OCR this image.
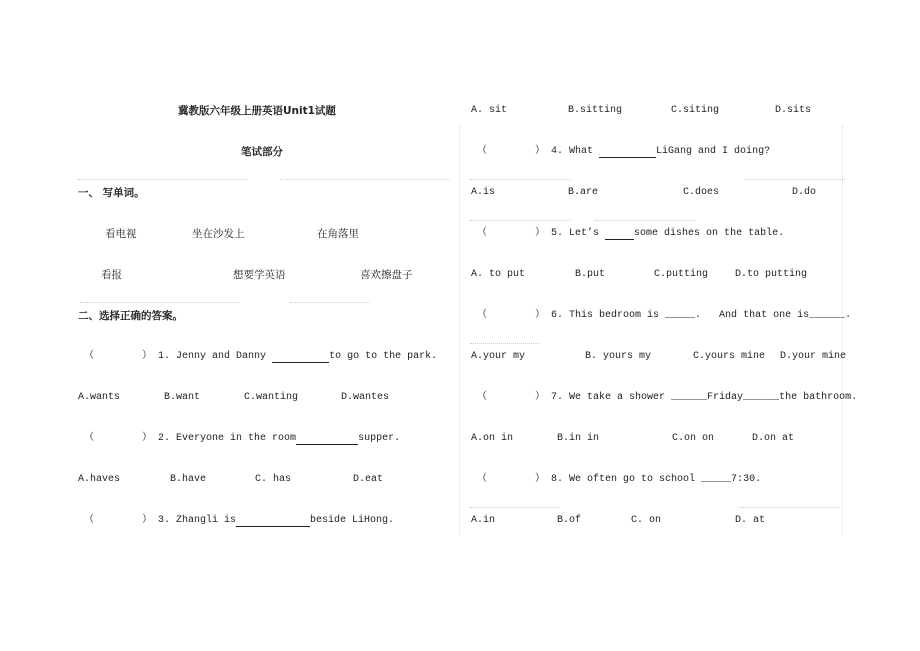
冀教版六年级上册英语Unit1试题
笔试部分
一、 写单词。
看电视	坐在沙发上	在角落里
看报	想要学英语	喜欢擦盘子
二、选择正确的答案。
（        ） 1. Jenny and Danny	to go to the park.
A.wants	B.want	C.wanting	D.wantes
（        ） 2. Everyone in the room	supper.
A.haves	B.have	C. has	D.eat
（        ） 3. Zhangli is	beside LiHong.
A. sit	B.sitting	C.siting	D.sits
（        ） 4. What	LiGang and I doing?
A.is	B.are	C.does	D.do
（        ） 5. Let’s	some dishes on the table.
A. to put	B.put	C.putting	D.to putting
（        ） 6. This bedroom is _____.   And that one is______.
A.your my	B. yours my	C.yours mine D.your mine
（        ） 7. We take a shower ______Friday______the bathroom.
A.on in	B.in in	C.on on	D.on at
（        ） 8. We often go to school _____7:30.
A.in	B.of	C. on	D. at
